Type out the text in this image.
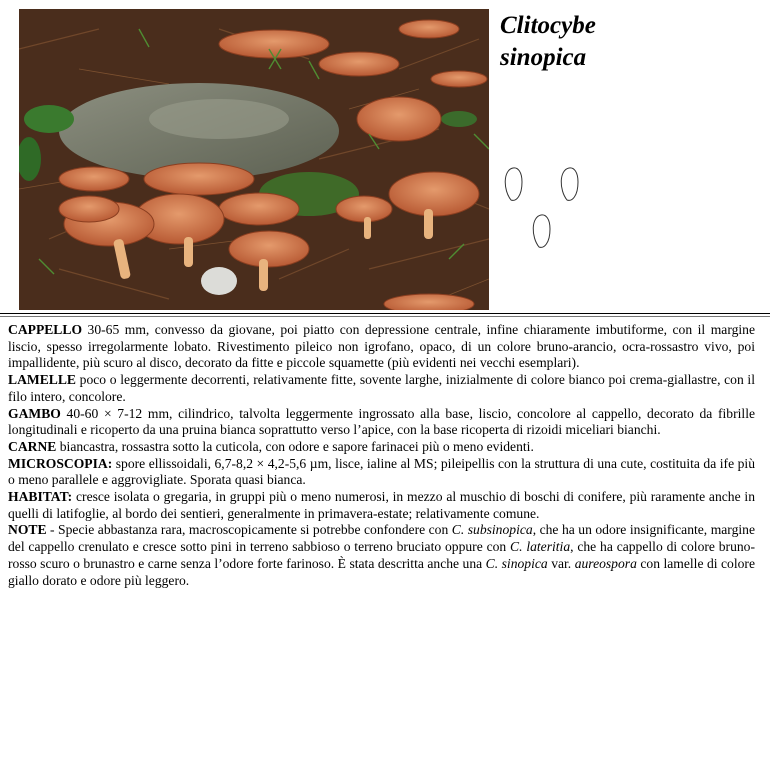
Clitocybe
sinopica

CAPPELLO 30-65 mm, convesso da giovane, poi piatto con depressione centrale, infine chiaramente imbutiforme, con il margine liscio, spesso irregolarmente lobato. Rivestimento pileico non igrofano, opaco, di un colore bruno-arancio, ocra-rossastro vivo, poi impallidente, più scuro al disco, decorato da fitte e piccole squamette (più evidenti nei vecchi esemplari).

LAMELLE poco o leggermente decorrenti, relativamente fitte, sovente larghe, inizialmente di colore bianco poi crema-giallastre, con il filo intero, concolore.

GAMBO 40-60 × 7-12 mm, cilindrico, talvolta leggermente ingrossato alla base, liscio, concolore al cappello, decorato da fibrille longitudinali e ricoperto da una pruina bianca soprattutto verso l’apice, con la base ricoperta di rizoidi miceliari bianchi.

CARNE biancastra, rossastra sotto la cuticola, con odore e sapore farinacei più o meno evidenti.

MICROSCOPIA: spore ellissoidali, 6,7-8,2 × 4,2-5,6 µm, lisce, ialine al MS; pileipellis con la struttura di una cute, costituita da ife più o meno parallele e aggrovigliate. Sporata quasi bianca.

HABITAT: cresce isolata o gregaria, in gruppi più o meno numerosi, in mezzo al muschio di boschi di conifere, più raramente anche in quelli di latifoglie, al bordo dei sentieri, generalmente in primavera-estate; relativamente comune.

NOTE - Specie abbastanza rara, macroscopicamente si potrebbe confondere con C. subsinopica, che ha un odore insignificante, margine del cappello crenulato e cresce sotto pini in terreno sabbioso o terreno bruciato oppure con C. lateritia, che ha cappello di colore bruno-rosso scuro o brunastro e carne senza l’odore forte farinoso. È stata descritta anche una C. sinopica var. aureospora con lamelle di colore giallo dorato e odore più leggero.
